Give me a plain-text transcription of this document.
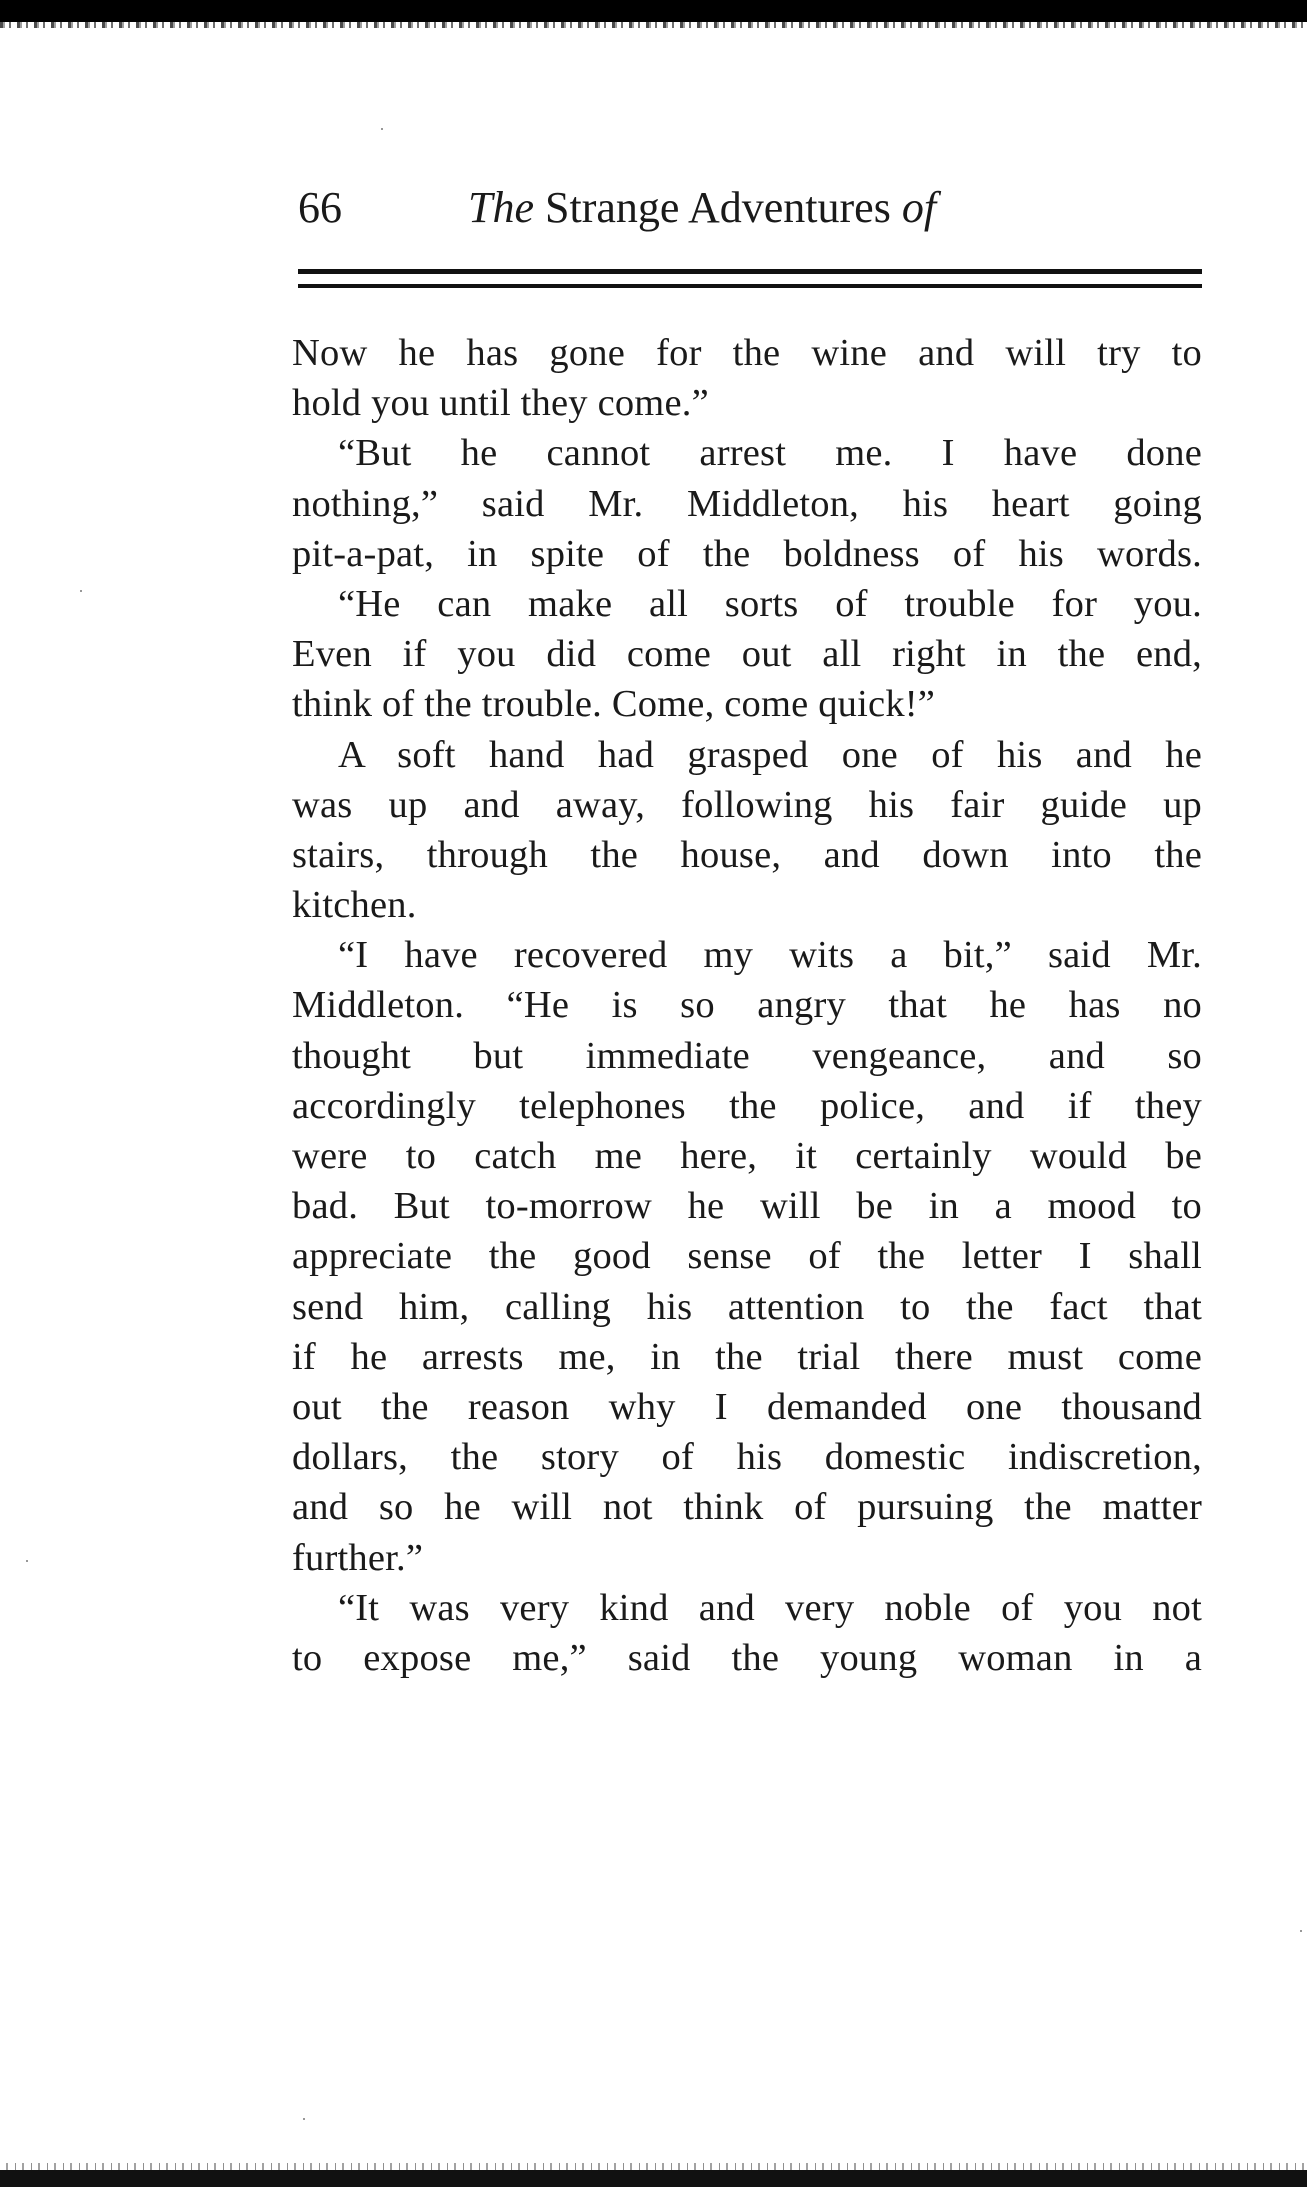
66	The Strange Adventures of
Now he has gone for the wine and will try to
hold you until they come.”
“But he cannot arrest me. I have done
nothing,” said Mr. Middleton, his heart going
pit-a-pat, in spite of the boldness of his words.
“He can make all sorts of trouble for you.
Even if you did come out all right in the end,
think of the trouble. Come, come quick!”
A soft hand had grasped one of his and he
was up and away, following his fair guide up
stairs, through the house, and down into the
kitchen.
“I have recovered my wits a bit,” said Mr.
Middleton. “He is so angry that he has no
thought but immediate vengeance, and so
accordingly telephones the police, and if they
were to catch me here, it certainly would be
bad. But to-morrow he will be in a mood to
appreciate the good sense of the letter I shall
send him, calling his attention to the fact that
if he arrests me, in the trial there must come
out the reason why I demanded one thousand
dollars, the story of his domestic indiscretion,
and so he will not think of pursuing the matter
further.”
“It was very kind and very noble of you not
to expose me,” said the young woman in a
